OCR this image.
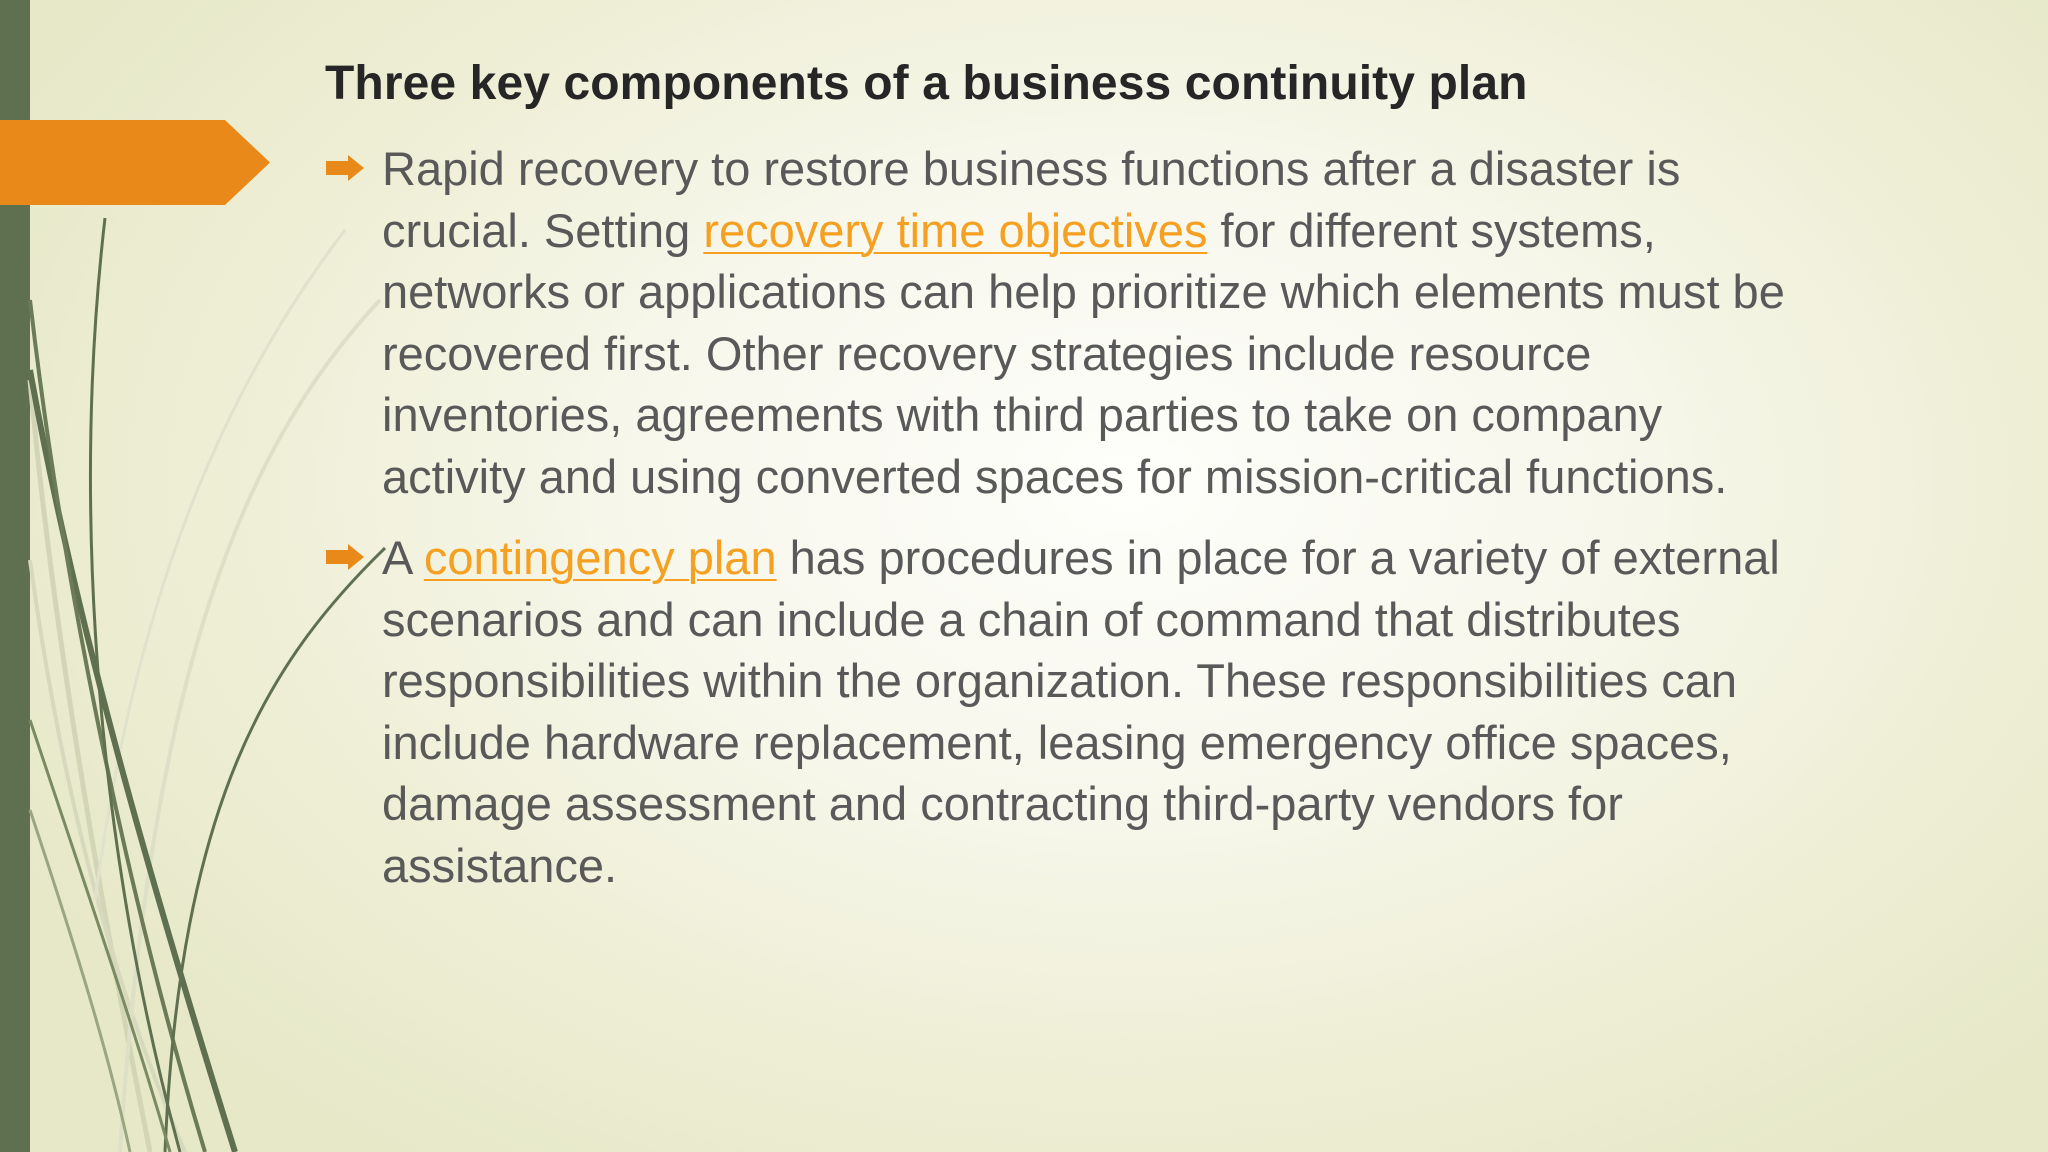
Three key components of a business continuity plan
Rapid recovery to restore business functions after a disaster is crucial. Setting recovery time objectives for different systems, networks or applications can help prioritize which elements must be recovered first. Other recovery strategies include resource inventories, agreements with third parties to take on company activity and using converted spaces for mission-critical functions.
A contingency plan has procedures in place for a variety of external scenarios and can include a chain of command that distributes responsibilities within the organization. These responsibilities can include hardware replacement, leasing emergency office spaces, damage assessment and contracting third-party vendors for assistance.
